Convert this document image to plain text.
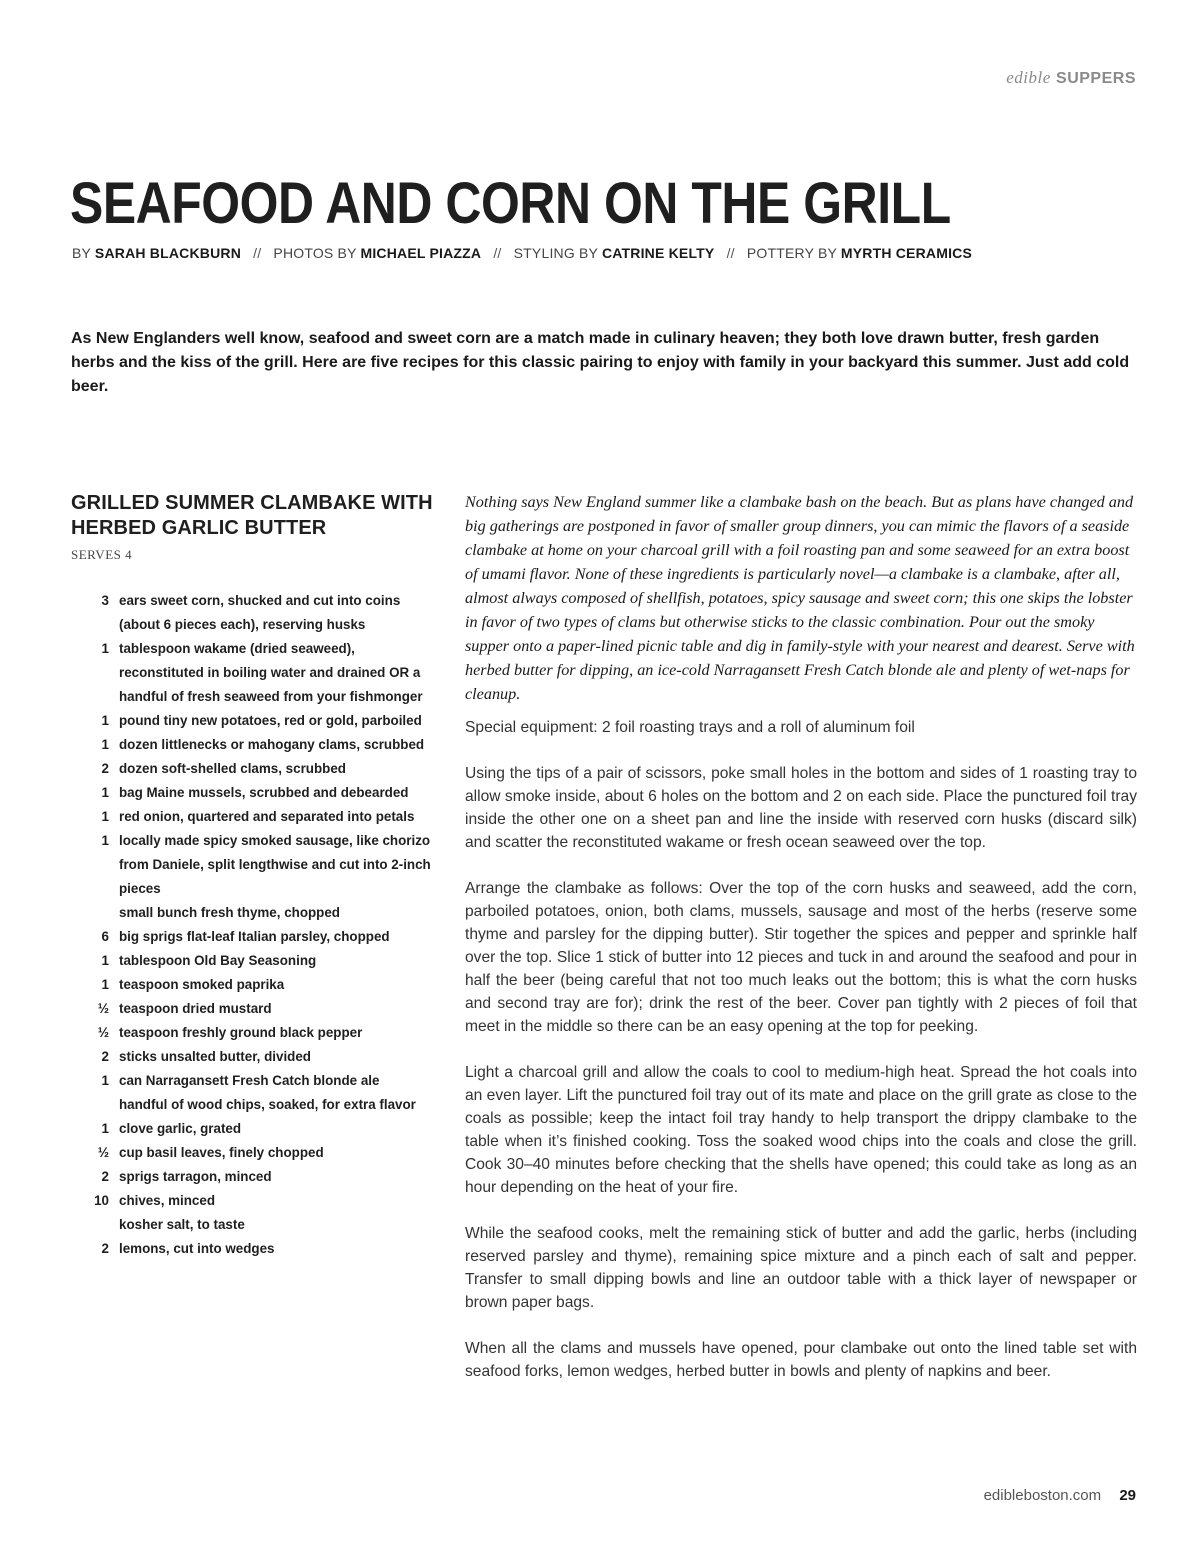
edible SUPPERS
SEAFOOD AND CORN ON THE GRILL
BY SARAH BLACKBURN // PHOTOS BY MICHAEL PIAZZA // STYLING BY CATRINE KELTY // POTTERY BY MYRTH CERAMICS

As New Englanders well know, seafood and sweet corn are a match made in culinary heaven; they both love drawn butter, fresh garden herbs and the kiss of the grill. Here are five recipes for this classic pairing to enjoy with family in your backyard this summer. Just add cold beer.

GRILLED SUMMER CLAMBAKE WITH HERBED GARLIC BUTTER
SERVES 4
3 ears sweet corn, shucked and cut into coins (about 6 pieces each), reserving husks
1 tablespoon wakame (dried seaweed), reconstituted in boiling water and drained OR a handful of fresh seaweed from your fishmonger
1 pound tiny new potatoes, red or gold, parboiled
1 dozen littlenecks or mahogany clams, scrubbed
2 dozen soft-shelled clams, scrubbed
1 bag Maine mussels, scrubbed and debearded
1 red onion, quartered and separated into petals
1 locally made spicy smoked sausage, like chorizo from Daniele, split lengthwise and cut into 2-inch pieces
small bunch fresh thyme, chopped
6 big sprigs flat-leaf Italian parsley, chopped
1 tablespoon Old Bay Seasoning
1 teaspoon smoked paprika
½ teaspoon dried mustard
½ teaspoon freshly ground black pepper
2 sticks unsalted butter, divided
1 can Narragansett Fresh Catch blonde ale
handful of wood chips, soaked, for extra flavor
1 clove garlic, grated
½ cup basil leaves, finely chopped
2 sprigs tarragon, minced
10 chives, minced
kosher salt, to taste
2 lemons, cut into wedges

Nothing says New England summer like a clambake bash on the beach. But as plans have changed and big gatherings are postponed in favor of smaller group dinners, you can mimic the flavors of a seaside clambake at home on your charcoal grill with a foil roasting pan and some seaweed for an extra boost of umami flavor. None of these ingredients is particularly novel—a clambake is a clambake, after all, almost always composed of shellfish, potatoes, spicy sausage and sweet corn; this one skips the lobster in favor of two types of clams but otherwise sticks to the classic combination. Pour out the smoky supper onto a paper-lined picnic table and dig in family-style with your nearest and dearest. Serve with herbed butter for dipping, an ice-cold Narragansett Fresh Catch blonde ale and plenty of wet-naps for cleanup.

Special equipment: 2 foil roasting trays and a roll of aluminum foil

Using the tips of a pair of scissors, poke small holes in the bottom and sides of 1 roasting tray to allow smoke inside, about 6 holes on the bottom and 2 on each side. Place the punctured foil tray inside the other one on a sheet pan and line the inside with reserved corn husks (discard silk) and scatter the reconstituted wakame or fresh ocean seaweed over the top.

Arrange the clambake as follows: Over the top of the corn husks and seaweed, add the corn, parboiled potatoes, onion, both clams, mussels, sausage and most of the herbs (reserve some thyme and parsley for the dipping butter). Stir together the spices and pepper and sprinkle half over the top. Slice 1 stick of butter into 12 pieces and tuck in and around the seafood and pour in half the beer (being careful that not too much leaks out the bottom; this is what the corn husks and second tray are for); drink the rest of the beer. Cover pan tightly with 2 pieces of foil that meet in the middle so there can be an easy opening at the top for peeking.

Light a charcoal grill and allow the coals to cool to medium-high heat. Spread the hot coals into an even layer. Lift the punctured foil tray out of its mate and place on the grill grate as close to the coals as possible; keep the intact foil tray handy to help transport the drippy clambake to the table when it’s finished cooking. Toss the soaked wood chips into the coals and close the grill. Cook 30–40 minutes before checking that the shells have opened; this could take as long as an hour depending on the heat of your fire.

While the seafood cooks, melt the remaining stick of butter and add the garlic, herbs (including reserved parsley and thyme), remaining spice mixture and a pinch each of salt and pepper. Transfer to small dipping bowls and line an outdoor table with a thick layer of newspaper or brown paper bags.

When all the clams and mussels have opened, pour clambake out onto the lined table set with seafood forks, lemon wedges, herbed butter in bowls and plenty of napkins and beer.

edibleboston.com 29
